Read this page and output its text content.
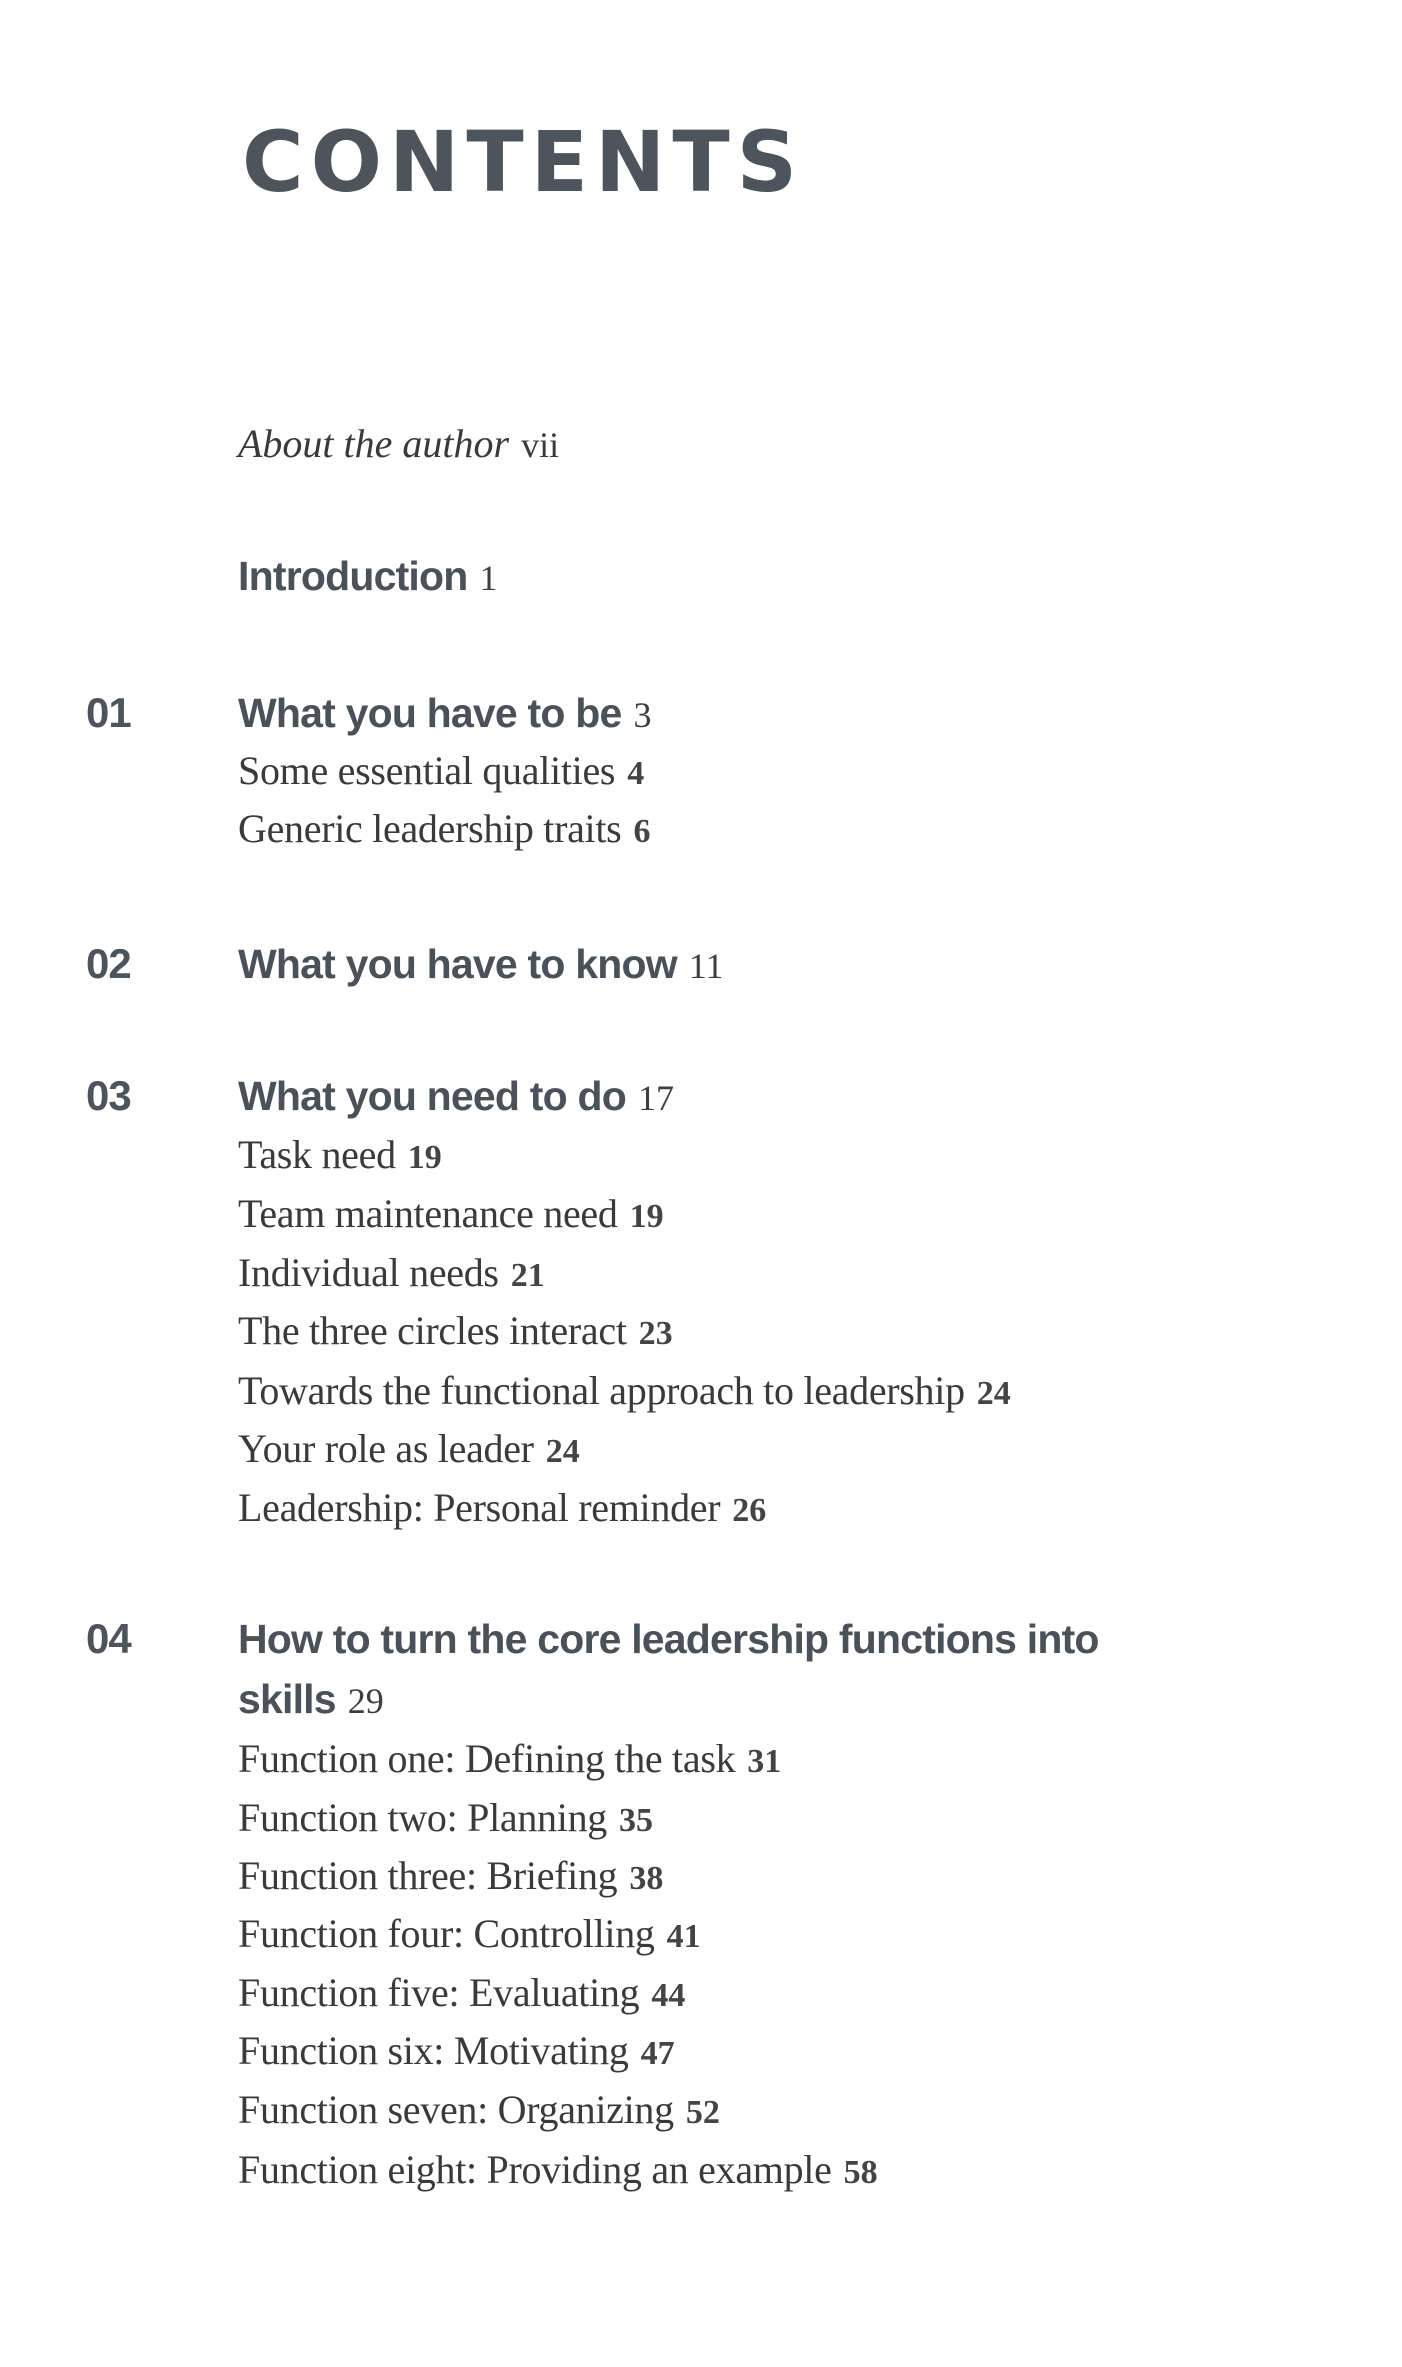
CONTENTS
About the author vii
Introduction 1
01	What you have to be 3
Some essential qualities 4
Generic leadership traits 6
02	What you have to know 11
03	What you need to do 17
Task need 19
Team maintenance need 19
Individual needs 21
The three circles interact 23
Towards the functional approach to leadership 24
Your role as leader 24
Leadership: Personal reminder 26
04	How to turn the core leadership functions into
skills 29
Function one: Defining the task 31
Function two: Planning 35
Function three: Briefing 38
Function four: Controlling 41
Function five: Evaluating 44
Function six: Motivating 47
Function seven: Organizing 52
Function eight: Providing an example 58
